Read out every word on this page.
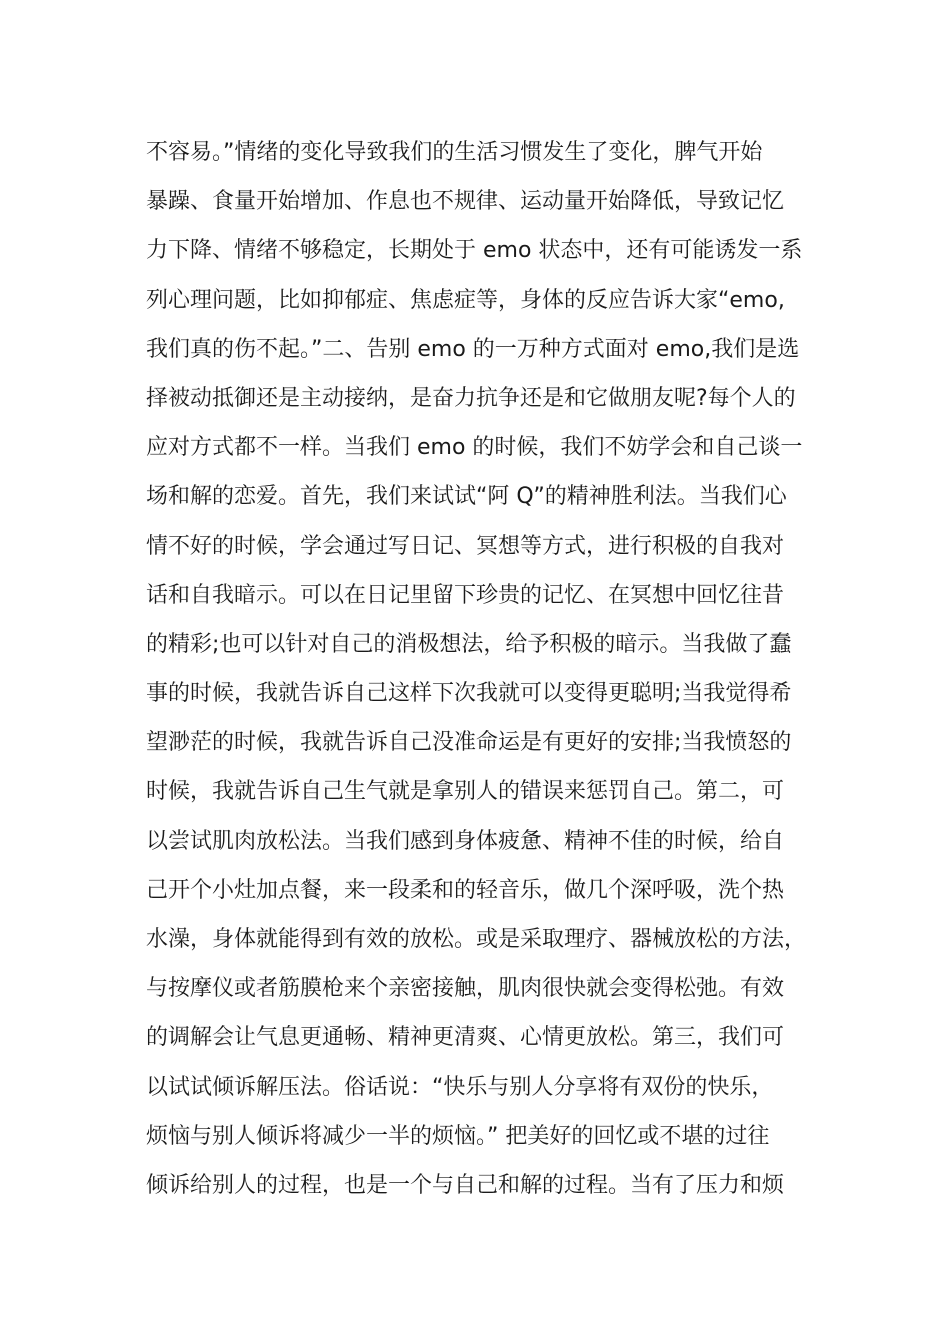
不容易。”情绪的变化导致我们的生活习惯发生了变化，脾气开始
暴躁、食量开始增加、作息也不规律、运动量开始降低，导致记忆
力下降、情绪不够稳定，长期处于 emo 状态中，还有可能诱发一系
列心理问题，比如抑郁症、焦虑症等，身体的反应告诉大家“emo,
我们真的伤不起。”二、告别 emo 的一万种方式面对 emo,我们是选
择被动抵御还是主动接纳，是奋力抗争还是和它做朋友呢?每个人的
应对方式都不一样。当我们 emo 的时候，我们不妨学会和自己谈一
场和解的恋爱。首先，我们来试试“阿 Q”的精神胜利法。当我们心
情不好的时候，学会通过写日记、冥想等方式，进行积极的自我对
话和自我暗示。可以在日记里留下珍贵的记忆、在冥想中回忆往昔
的精彩;也可以针对自己的消极想法，给予积极的暗示。当我做了蠢
事的时候，我就告诉自己这样下次我就可以变得更聪明;当我觉得希
望渺茫的时候，我就告诉自己没准命运是有更好的安排;当我愤怒的
时候，我就告诉自己生气就是拿别人的错误来惩罚自己。第二，可
以尝试肌肉放松法。当我们感到身体疲惫、精神不佳的时候，给自
己开个小灶加点餐，来一段柔和的轻音乐，做几个深呼吸，洗个热
水澡，身体就能得到有效的放松。或是采取理疗、器械放松的方法，
与按摩仪或者筋膜枪来个亲密接触，肌肉很快就会变得松弛。有效
的调解会让气息更通畅、精神更清爽、心情更放松。第三，我们可
以试试倾诉解压法。俗话说：“快乐与别人分享将有双份的快乐，
烦恼与别人倾诉将减少一半的烦恼。” 把美好的回忆或不堪的过往
倾诉给别人的过程，也是一个与自己和解的过程。当有了压力和烦
